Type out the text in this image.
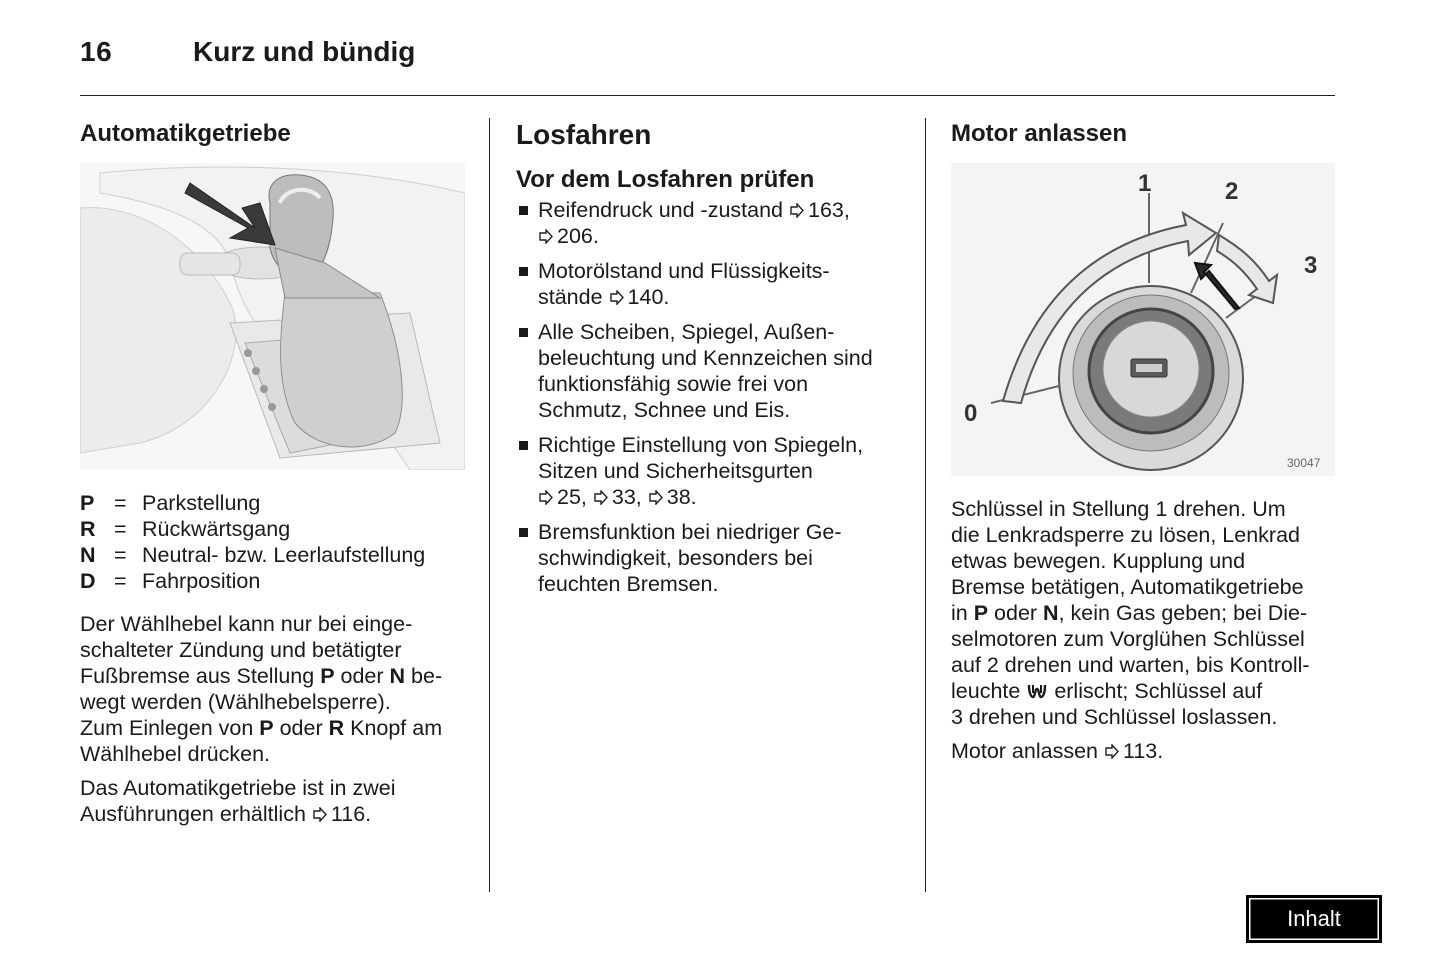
16	Kurz und bündig
Automatikgetriebe
P = Parkstellung
R = Rückwärtsgang
N = Neutral- bzw. Leerlaufstellung
D = Fahrposition

Der Wählhebel kann nur bei einge-
schalteter Zündung und betätigter
Fußbremse aus Stellung P oder N be-
wegt werden (Wählhebelsperre).
Zum Einlegen von P oder R Knopf am
Wählhebel drücken.

Das Automatikgetriebe ist in zwei
Ausführungen erhältlich 116.

Losfahren
Vor dem Losfahren prüfen
Reifendruck und -zustand 163,
206.
Motorölstand und Flüssigkeits-
stände 140.
Alle Scheiben, Spiegel, Außen-
beleuchtung und Kennzeichen sind
funktionsfähig sowie frei von
Schmutz, Schnee und Eis.
Richtige Einstellung von Spiegeln,
Sitzen und Sicherheitsgurten
25, 33, 38.
Bremsfunktion bei niedriger Ge-
schwindigkeit, besonders bei
feuchten Bremsen.
Motor anlassen
0
1	2
3
30047

Schlüssel in Stellung 1 drehen. Um
die Lenkradsperre zu lösen, Lenkrad
etwas bewegen. Kupplung und
Bremse betätigen, Automatikgetriebe
in P oder N, kein Gas geben; bei Die-
selmotoren zum Vorglühen Schlüssel
auf 2 drehen und warten, bis Kontroll-
leuchte erlischt; Schlüssel auf
3 drehen und Schlüssel loslassen.

Motor anlassen 113.

Inhalt
